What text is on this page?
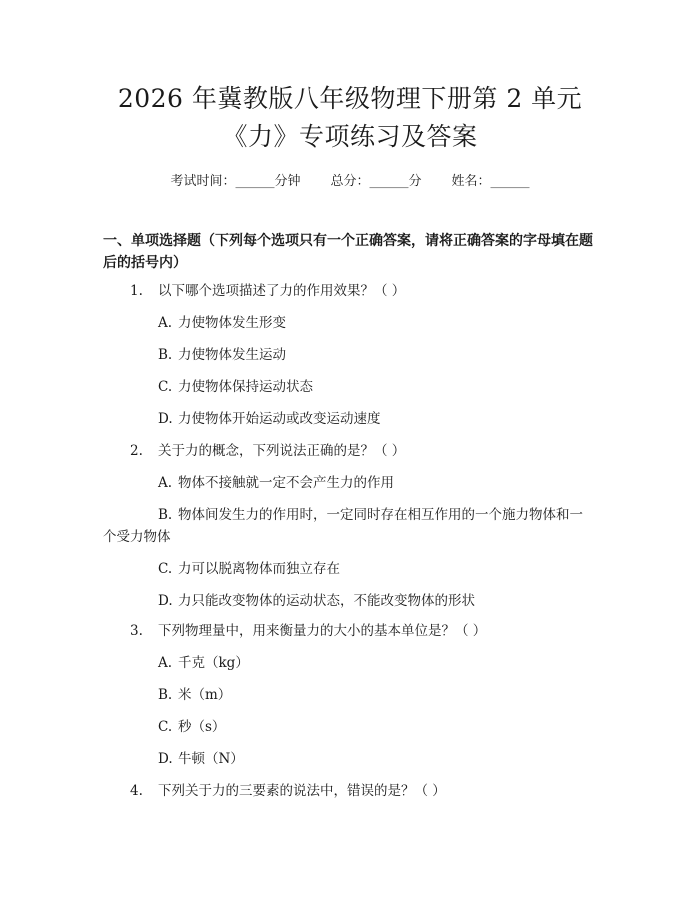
2026 年冀教版八年级物理下册第 2 单元
《力》专项练习及答案
考试时间：______分钟 总分：______分 姓名：______
一、单项选择题（下列每个选项只有一个正确答案，请将正确答案的字母填在题后的括号内）
1. 以下哪个选项描述了力的作用效果？（ ）
A. 力使物体发生形变
B. 力使物体发生运动
C. 力使物体保持运动状态
D. 力使物体开始运动或改变运动速度
2. 关于力的概念，下列说法正确的是？（ ）
A. 物体不接触就一定不会产生力的作用
B. 物体间发生力的作用时，一定同时存在相互作用的一个施力物体和一
个受力物体
C. 力可以脱离物体而独立存在
D. 力只能改变物体的运动状态，不能改变物体的形状
3. 下列物理量中，用来衡量力的大小的基本单位是？（ ）
A. 千克（kg）
B. 米（m）
C. 秒（s）
D. 牛顿（N）
4. 下列关于力的三要素的说法中，错误的是？（ ）
